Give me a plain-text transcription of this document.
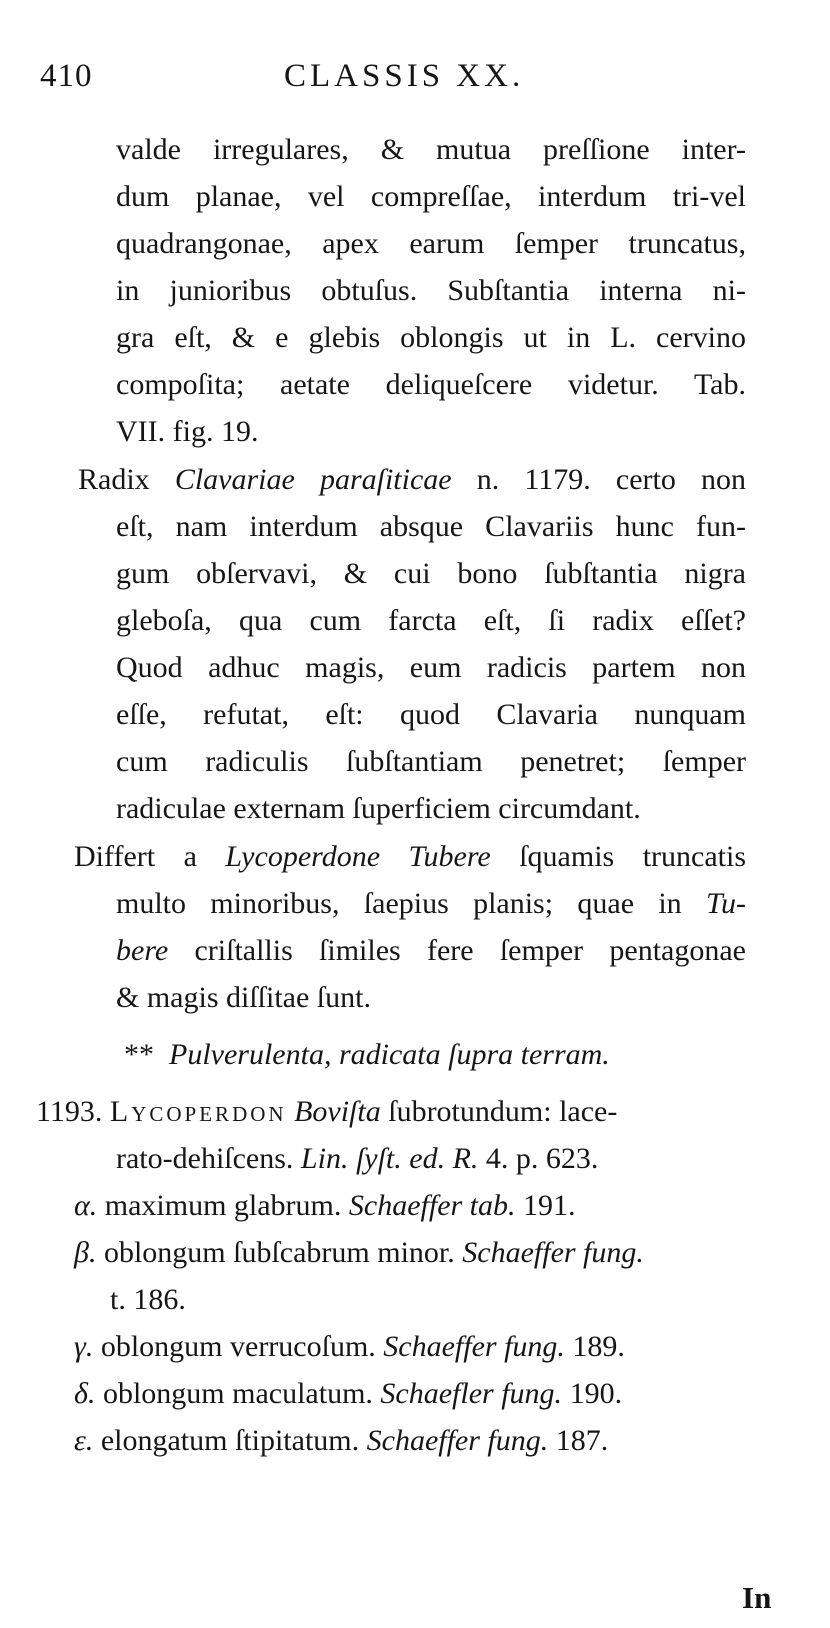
410	CLASSIS XX.
valde irregulares, & mutua preſſione inter-
dum planae, vel compreſſae, interdum tri-vel
quadrangonae, apex earum ſemper truncatus,
in junioribus obtuſus. Subſtantia interna ni-
gra eſt, & e glebis oblongis ut in L. cervino
compoſita; aetate deliqueſcere videtur. Tab.
VII. fig. 19.
Radix Clavariae paraſiticae n. 1179. certo non
eſt, nam interdum absque Clavariis hunc fun-
gum obſervavi, & cui bono ſubſtantia nigra
gleboſa, qua cum farcta eſt, ſi radix eſſet?
Quod adhuc magis, eum radicis partem non
eſſe, refutat, eſt: quod Clavaria nunquam
cum radiculis ſubſtantiam penetret; ſemper
radiculae externam ſuperficiem circumdant.
Differt a Lycoperdone Tubere ſquamis truncatis
multo minoribus, ſaepius planis; quae in Tu-
bere criſtallis ſimiles fere ſemper pentagonae
& magis diſſitae ſunt.
** Pulverulenta, radicata ſupra terram.
1193. Lycoperdon Boviſta ſubrotundum: lace-
rato-dehiſcens. Lin. ſyſt. ed. R. 4. p. 623.
α. maximum glabrum. Schaeffer tab. 191.
β. oblongum ſubſcabrum minor. Schaeffer fung.
t. 186.
γ. oblongum verrucoſum. Schaeffer fung. 189.
δ. oblongum maculatum. Schaefler fung. 190.
ε. elongatum ſtipitatum. Schaeffer fung. 187.
In
